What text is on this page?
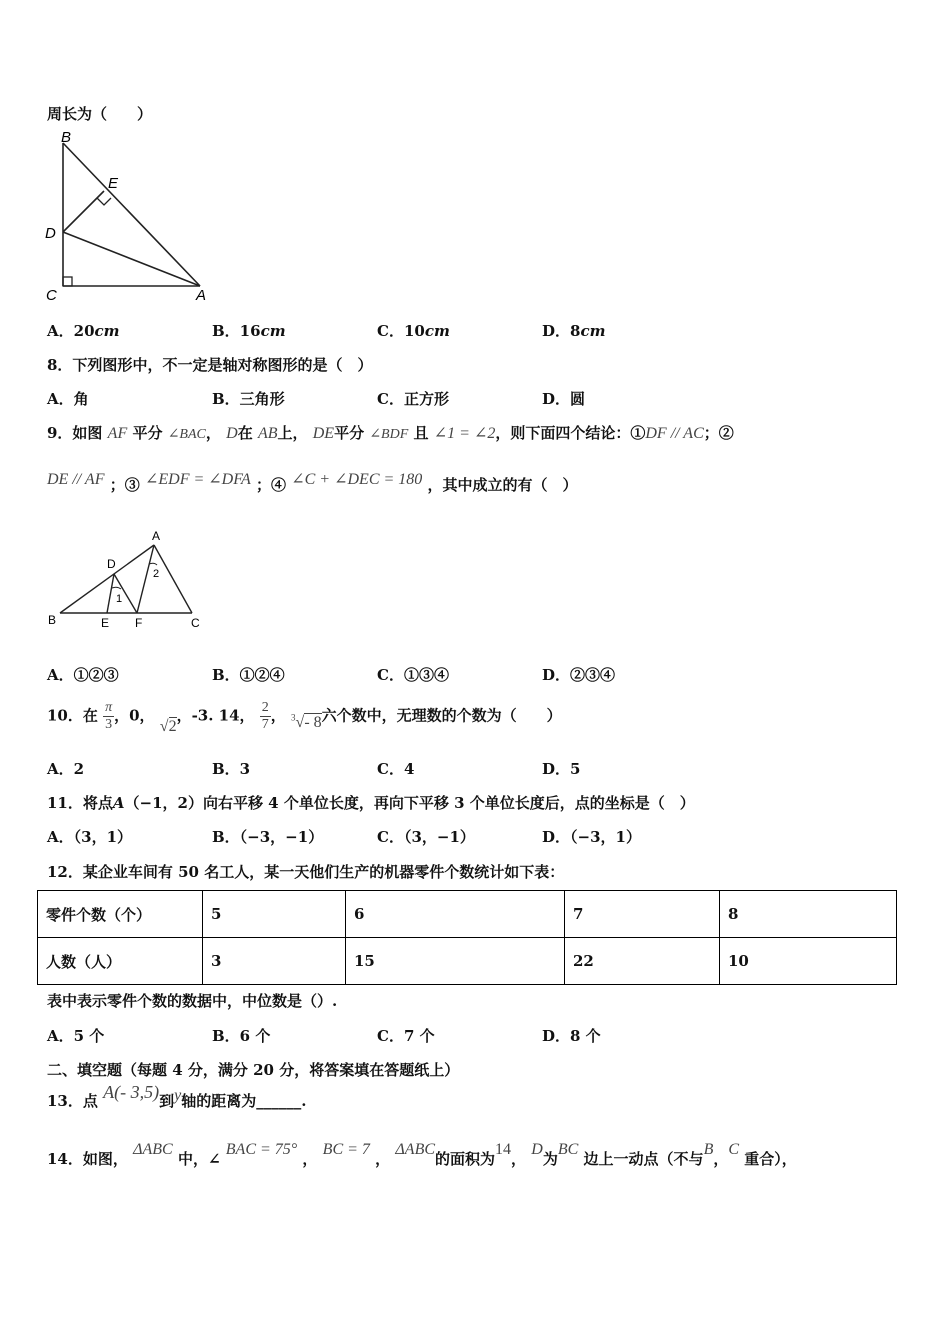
周长为（　　）
B
E
D
C	A
A．20cm	B．16cm	C．10cm	D．8cm
8．下列图形中，不一定是轴对称图形的是（　）
A．角	B．三角形	C．正方形	D．圆
9．如图 AF 平分 ∠BAC， D在 AB上， DE平分 ∠BDF 且 ∠1 = ∠2，则下面四个结论：①DF // AC；②
DE // AF ；③ ∠EDF = ∠DFA ；④ ∠C + ∠DEC = 180 ，其中成立的有（　）
A
B	C
D
E F
1
2
A．①②③	B．①②④	C．①③④	D．②③④
10．在 $\frac{\pi}{3}$ ，0， √2，-3. 14， $\frac{2}{7}$ ， $^3$√- 8六个数中，无理数的个数为（　　）
A．2	B．3	C．4	D．5
11．将点A（−1，2）向右平移 4 个单位长度，再向下平移 3 个单位长度后，点的坐标是（　）
A．（3，1）	B．（−3，−1）	C．（3，−1）	D．（−3，1）
12．某企业车间有 50 名工人，某一天他们生产的机器零件个数统计如下表：
零件个数（个）	5	6	7	8
人数（人）	3	15	22	10
表中表示零件个数的数据中，中位数是（）.
A．5 个	B．6 个	C．7 个	D．8 个
二、填空题（每题 4 分，满分 20 分，将答案填在答题纸上）
13．点 A(- 3,5)到y轴的距离为______.
14．如图， ΔABC 中，∠ BAC = 75° ， BC = 7 ， ΔABC的面积为14， D为BC 边上一动点（不与B，C 重合），
